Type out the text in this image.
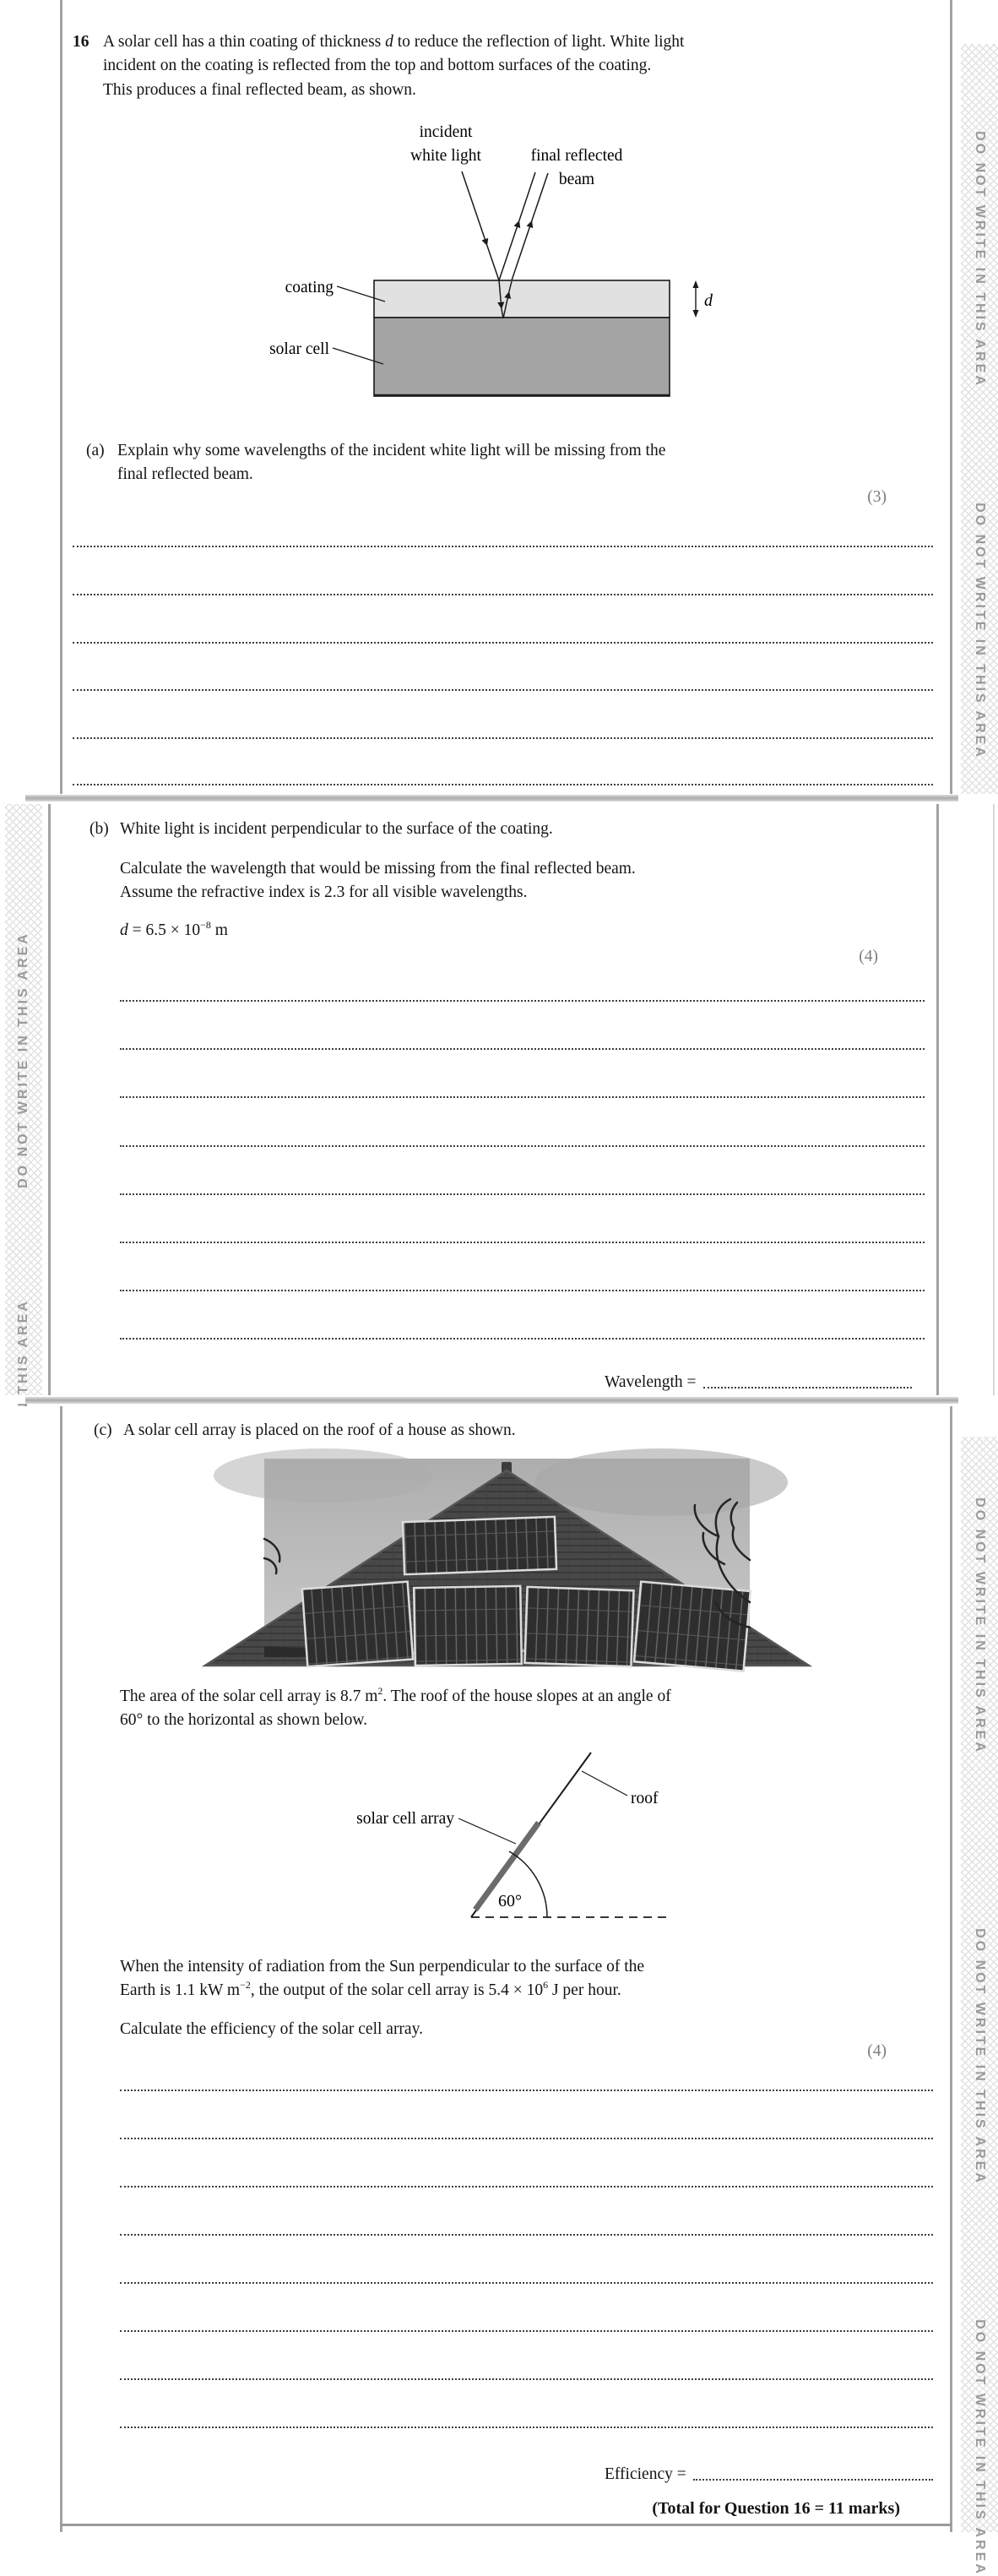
DO NOT WRITE IN THIS AREA
DO NOT WRITE IN THIS AREA
16 A solar cell has a thin coating of thickness d to reduce the reflection of light. White light
incident on the coating is reflected from the top and bottom surfaces of the coating.
This produces a final reflected beam, as shown.
incident
white light	final reflected
beam
coating
solar cell
d
(a) Explain why some wavelengths of the incident white light will be missing from the
final reflected beam.
(3)
DO NOT WRITE IN THIS AREA
(b) White light is incident perpendicular to the surface of the coating.
Calculate the wavelength that would be missing from the final reflected beam.
Assume the refractive index is 2.3 for all visible wavelengths.
$d = 6.5 \times 10^{-8}$ m
(4)
Wavelength =
DO NOT WRITE IN THIS AREA
DO NOT WRITE IN THIS AREA
DO NOT WRITE IN THIS AREA
(c) A solar cell array is placed on the roof of a house as shown.
The area of the solar cell array is 8.7 $m^2$. The roof of the house slopes at an angle of
60° to the horizontal as shown below.
60°
solar cell array
roof
When the intensity of radiation from the Sun perpendicular to the surface of the
Earth is 1.1 kW $m^{-2}$, the output of the solar cell array is $5.4 \times 10^6$ J per hour.
Calculate the efficiency of the solar cell array.
(4)
Efficiency =
(Total for Question 16 = 11 marks)
